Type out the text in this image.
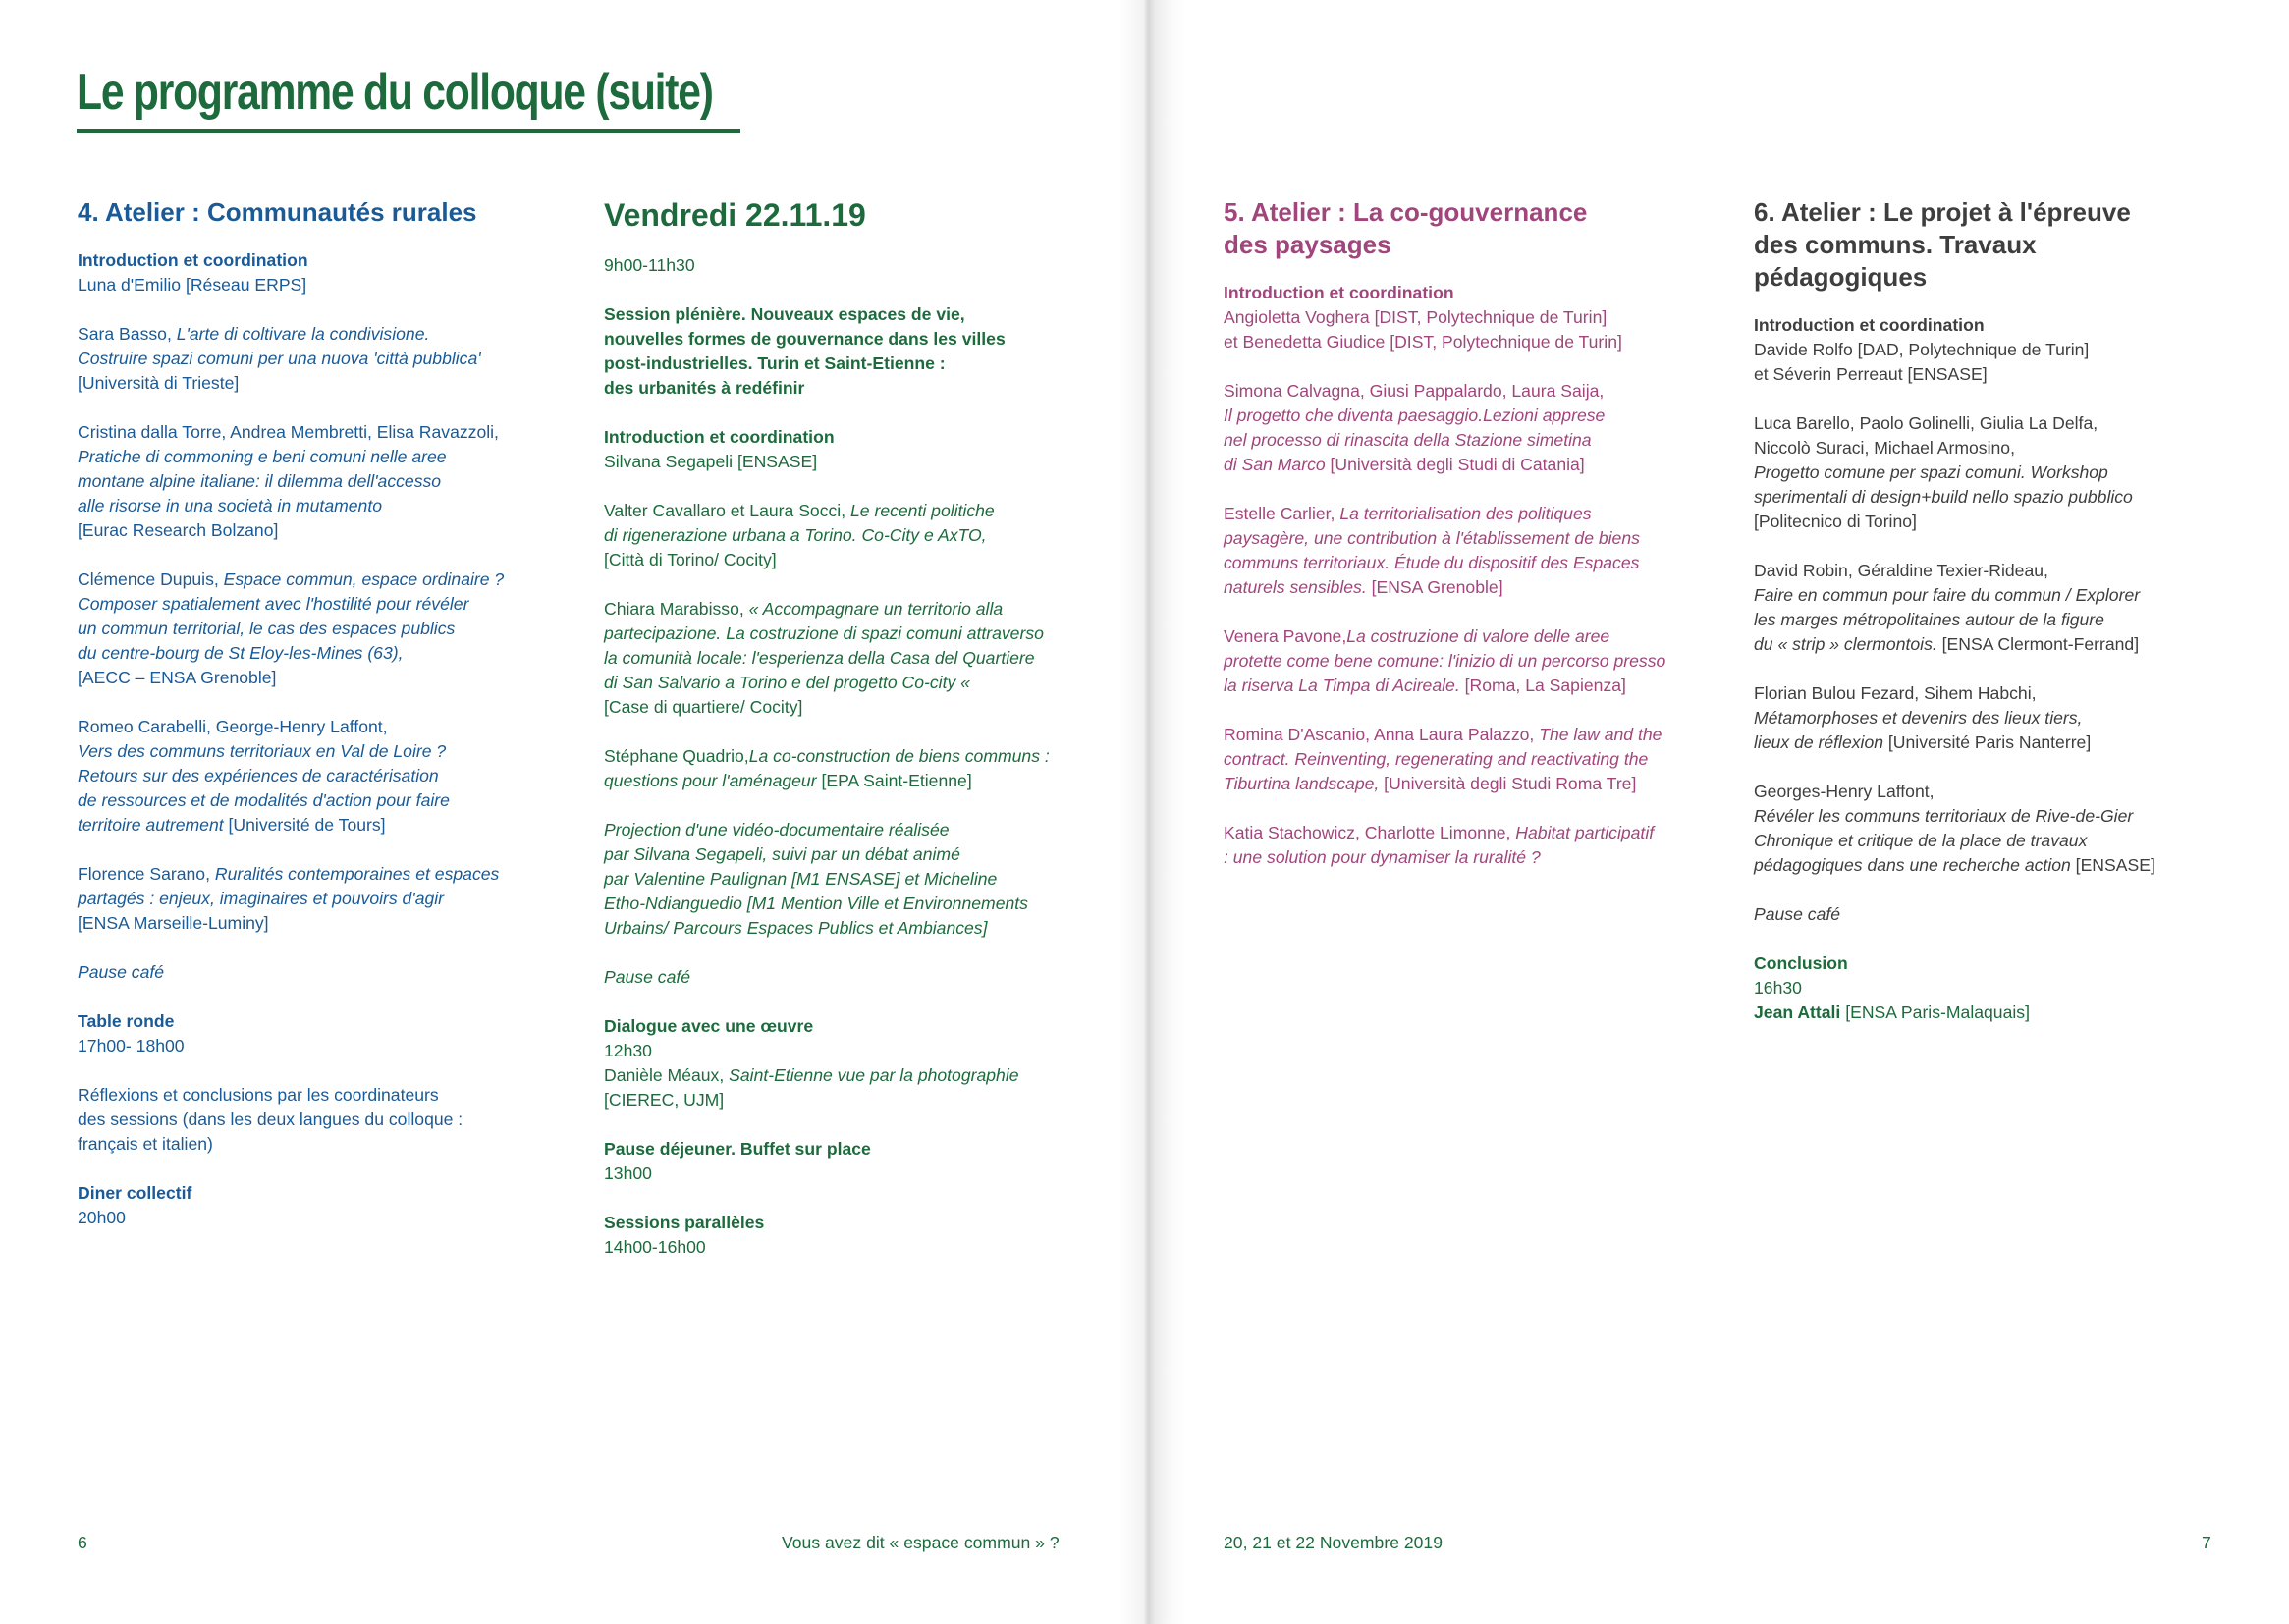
Le programme du colloque (suite)
4. Atelier : Communautés rurales
Introduction et coordination
Luna d'Emilio [Réseau ERPS]
Sara Basso, L'arte di coltivare la condivisione.
Costruire spazi comuni per una nuova 'città pubblica'
[Università di Trieste]
Cristina dalla Torre, Andrea Membretti, Elisa Ravazzoli,
Pratiche di commoning e beni comuni nelle aree
montane alpine italiane: il dilemma dell'accesso
alle risorse in una società in mutamento
[Eurac Research Bolzano]
Clémence Dupuis, Espace commun, espace ordinaire ?
Composer spatialement avec l'hostilité pour révéler
un commun territorial, le cas des espaces publics
du centre-bourg de St Eloy-les-Mines (63),
[AECC – ENSA Grenoble]
Romeo Carabelli, George-Henry Laffont,
Vers des communs territoriaux en Val de Loire ?
Retours sur des expériences de caractérisation
de ressources et de modalités d'action pour faire
territoire autrement [Université de Tours]
Florence Sarano, Ruralités contemporaines et espaces
partagés : enjeux, imaginaires et pouvoirs d'agir
[ENSA Marseille-Luminy]
Pause café
Table ronde
17h00- 18h00
Réflexions et conclusions par les coordinateurs
des sessions (dans les deux langues du colloque :
français et italien)
Diner collectif
20h00
Vendredi 22.11.19
9h00-11h30
Session plénière. Nouveaux espaces de vie,
nouvelles formes de gouvernance dans les villes
post-industrielles. Turin et Saint-Etienne :
des urbanités à redéfinir
Introduction et coordination
Silvana Segapeli [ENSASE]
Valter Cavallaro et Laura Socci, Le recenti politiche
di rigenerazione urbana a Torino. Co-City e AxTO,
[Città di Torino/ Cocity]
Chiara Marabisso, « Accompagnare un territorio alla
partecipazione. La costruzione di spazi comuni attraverso
la comunità locale: l'esperienza della Casa del Quartiere
di San Salvario a Torino e del progetto Co-city «
[Case di quartiere/ Cocity]
Stéphane Quadrio,La co-construction de biens communs :
questions pour l'aménageur [EPA Saint-Etienne]
Projection d'une vidéo-documentaire réalisée
par Silvana Segapeli, suivi par un débat animé
par Valentine Paulignan [M1 ENSASE] et Micheline
Etho-Ndianguedio [M1 Mention Ville et Environnements
Urbains/ Parcours Espaces Publics et Ambiances]
Pause café
Dialogue avec une œuvre
12h30
Danièle Méaux, Saint-Etienne vue par la photographie
[CIEREC, UJM]
Pause déjeuner. Buffet sur place
13h00
Sessions parallèles
14h00-16h00
6	Vous avez dit « espace commun » ?
5. Atelier : La co-gouvernance
des paysages
Introduction et coordination
Angioletta Voghera [DIST, Polytechnique de Turin]
et Benedetta Giudice [DIST, Polytechnique de Turin]
Simona Calvagna, Giusi Pappalardo, Laura Saija,
Il progetto che diventa paesaggio.Lezioni apprese
nel processo di rinascita della Stazione simetina
di San Marco [Università degli Studi di Catania]
Estelle Carlier, La territorialisation des politiques
paysagère, une contribution à l'établissement de biens
communs territoriaux. Étude du dispositif des Espaces
naturels sensibles. [ENSA Grenoble]
Venera Pavone,La costruzione di valore delle aree
protette come bene comune: l'inizio di un percorso presso
la riserva La Timpa di Acireale. [Roma, La Sapienza]
Romina D'Ascanio, Anna Laura Palazzo, The law and the
contract. Reinventing, regenerating and reactivating the
Tiburtina landscape, [Università degli Studi Roma Tre]
Katia Stachowicz, Charlotte Limonne, Habitat participatif
: une solution pour dynamiser la ruralité ?
6. Atelier : Le projet à l'épreuve
des communs. Travaux
pédagogiques
Introduction et coordination
Davide Rolfo [DAD, Polytechnique de Turin]
et Séverin Perreaut [ENSASE]
Luca Barello, Paolo Golinelli, Giulia La Delfa,
Niccolò Suraci, Michael Armosino,
Progetto comune per spazi comuni. Workshop
sperimentali di design+build nello spazio pubblico
[Politecnico di Torino]
David Robin, Géraldine Texier-Rideau,
Faire en commun pour faire du commun / Explorer
les marges métropolitaines autour de la figure
du « strip » clermontois. [ENSA Clermont-Ferrand]
Florian Bulou Fezard, Sihem Habchi,
Métamorphoses et devenirs des lieux tiers,
lieux de réflexion [Université Paris Nanterre]
Georges-Henry Laffont,
Révéler les communs territoriaux de Rive-de-Gier
Chronique et critique de la place de travaux
pédagogiques dans une recherche action [ENSASE]
Pause café
Conclusion
16h30
Jean Attali [ENSA Paris-Malaquais]
20, 21 et 22 Novembre 2019	7
